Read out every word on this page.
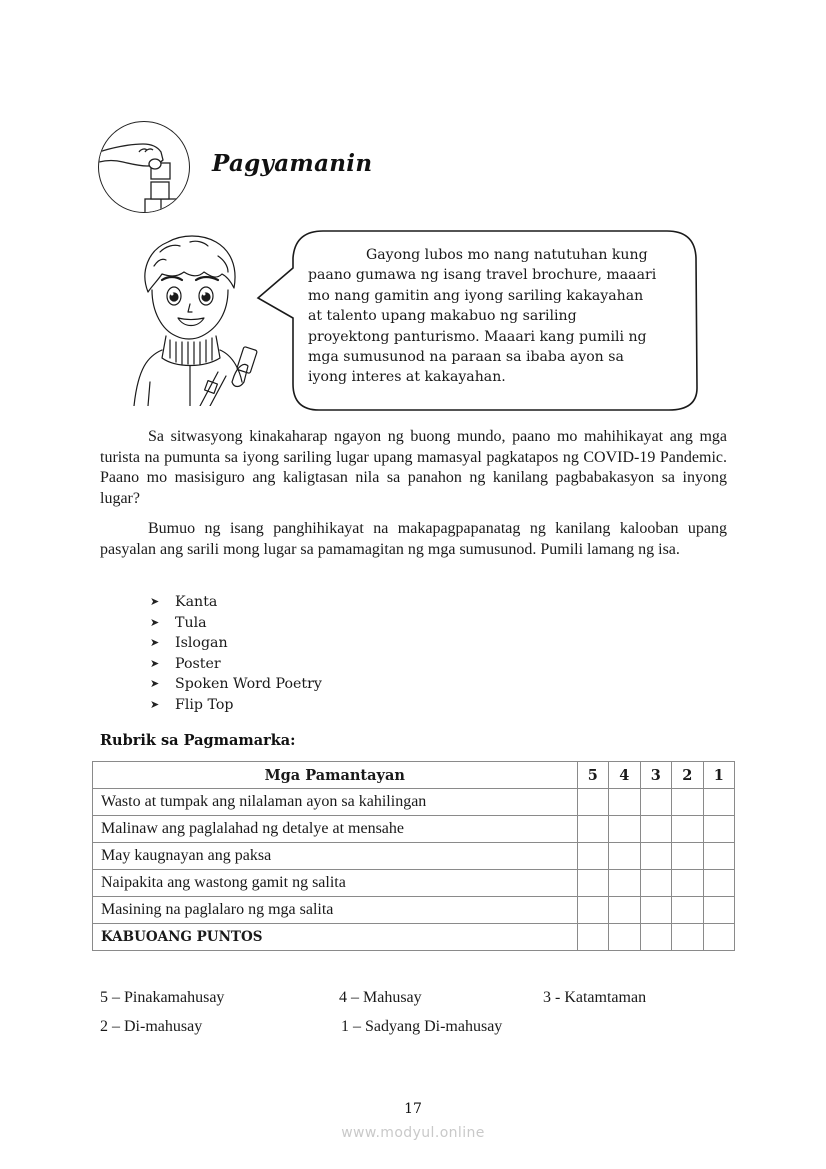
Pagyamanin
Gayong lubos mo nang natutuhan kung
paano gumawa ng isang travel brochure, maaari
mo nang gamitin ang iyong sariling kakayahan
at talento upang makabuo ng sariling
proyektong panturismo. Maaari kang pumili ng
mga sumusunod na paraan sa ibaba ayon sa
iyong interes at kakayahan.
Sa sitwasyong kinakaharap ngayon ng buong mundo, paano mo mahihikayat ang mga turista na pumunta sa iyong sariling lugar upang mamasyal pagkatapos ng COVID-19 Pandemic. Paano mo masisiguro ang kaligtasan nila sa panahon ng kanilang pagbabakasyon sa inyong lugar?
Bumuo ng isang panghihikayat na makapagpapanatag ng kanilang kalooban upang pasyalan ang sarili mong lugar sa pamamagitan ng mga sumusunod. Pumili lamang ng isa.
➤	Kanta
➤	Tula
➤	Islogan
➤	Poster
➤	Spoken Word Poetry
➤	Flip Top
Rubrik sa Pagmamarka:
Mga Pamantayan	5	4	3	2	1
Wasto at tumpak ang nilalaman ayon sa kahilingan					
Malinaw ang paglalahad ng detalye at mensahe					
May kaugnayan ang paksa					
Naipakita ang wastong gamit ng salita					
Masining na paglalaro ng mga salita					
KABUOANG PUNTOS					
5 – Pinakamahusay	4 – Mahusay	3 - Katamtaman
2 – Di-mahusay	1 – Sadyang Di-mahusay
17
www.modyul.online
